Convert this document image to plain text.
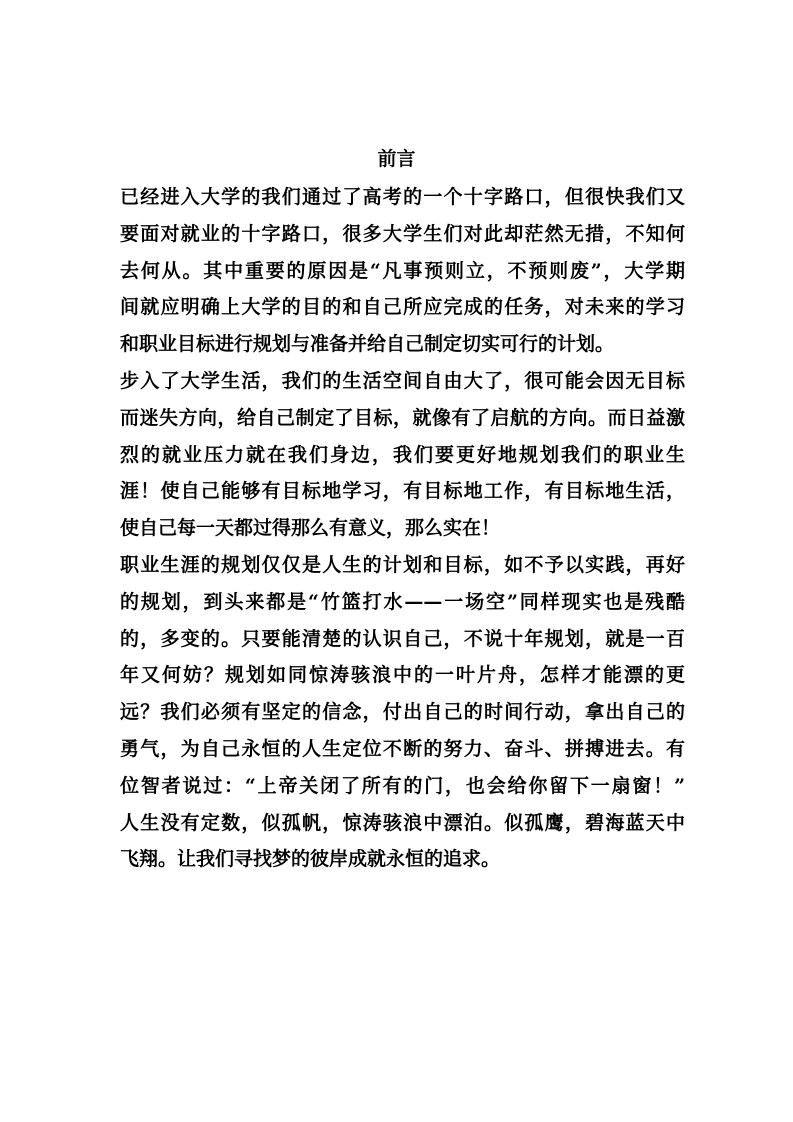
前言
已经进入大学的我们通过了高考的一个十字路口，但很快我们又
要面对就业的十字路口，很多大学生们对此却茫然无措，不知何
去何从。其中重要的原因是“凡事预则立，不预则废”，大学期
间就应明确上大学的目的和自己所应完成的任务，对未来的学习
和职业目标进行规划与准备并给自己制定切实可行的计划。
步入了大学生活，我们的生活空间自由大了，很可能会因无目标
而迷失方向，给自己制定了目标，就像有了启航的方向。而日益激
烈的就业压力就在我们身边，我们要更好地规划我们的职业生
涯！使自己能够有目标地学习，有目标地工作，有目标地生活，
使自己每一天都过得那么有意义，那么实在！
职业生涯的规划仅仅是人生的计划和目标，如不予以实践，再好
的规划，到头来都是“竹篮打水——一场空”同样现实也是残酷
的，多变的。只要能清楚的认识自己，不说十年规划，就是一百
年又何妨？规划如同惊涛骇浪中的一叶片舟，怎样才能漂的更
远？我们必须有坚定的信念，付出自己的时间行动，拿出自己的
勇气，为自己永恒的人生定位不断的努力、奋斗、拼搏进去。有
位智者说过：“上帝关闭了所有的门，也会给你留下一扇窗！”
人生没有定数，似孤帆，惊涛骇浪中漂泊。似孤鹰，碧海蓝天中
飞翔。让我们寻找梦的彼岸成就永恒的追求。
